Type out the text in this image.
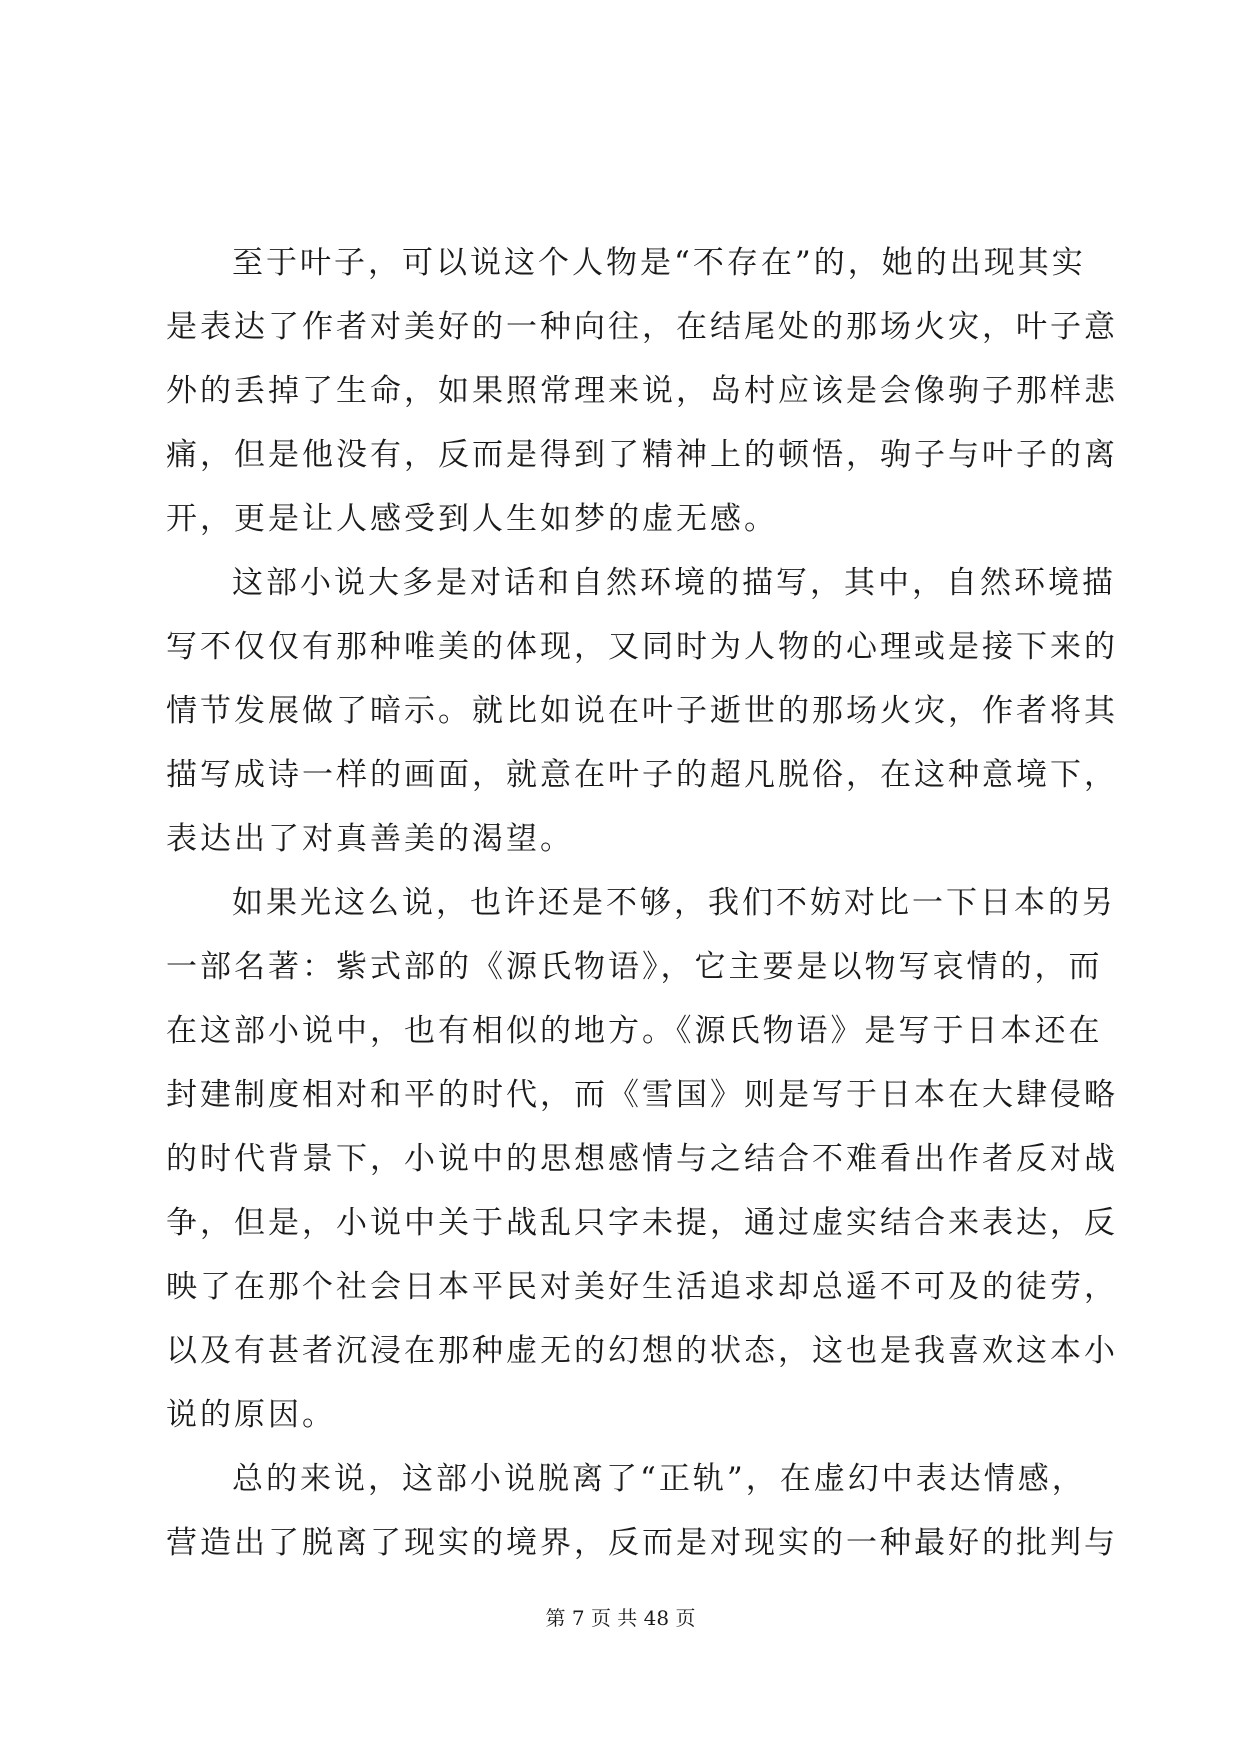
至于叶子，可以说这个人物是“不存在”的，她的出现其实
是表达了作者对美好的一种向往，在结尾处的那场火灾，叶子意
外的丢掉了生命，如果照常理来说，岛村应该是会像驹子那样悲
痛，但是他没有，反而是得到了精神上的顿悟，驹子与叶子的离
开，更是让人感受到人生如梦的虚无感。
这部小说大多是对话和自然环境的描写，其中，自然环境描
写不仅仅有那种唯美的体现，又同时为人物的心理或是接下来的
情节发展做了暗示。就比如说在叶子逝世的那场火灾，作者将其
描写成诗一样的画面，就意在叶子的超凡脱俗，在这种意境下，
表达出了对真善美的渴望。
如果光这么说，也许还是不够，我们不妨对比一下日本的另
一部名著：紫式部的《源氏物语》，它主要是以物写哀情的，而
在这部小说中，也有相似的地方。《源氏物语》是写于日本还在
封建制度相对和平的时代，而《雪国》则是写于日本在大肆侵略
的时代背景下，小说中的思想感情与之结合不难看出作者反对战
争，但是，小说中关于战乱只字未提，通过虚实结合来表达，反
映了在那个社会日本平民对美好生活追求却总遥不可及的徒劳，
以及有甚者沉浸在那种虚无的幻想的状态，这也是我喜欢这本小
说的原因。
总的来说，这部小说脱离了“正轨”，在虚幻中表达情感，
营造出了脱离了现实的境界，反而是对现实的一种最好的批判与
第 7 页 共 48 页
